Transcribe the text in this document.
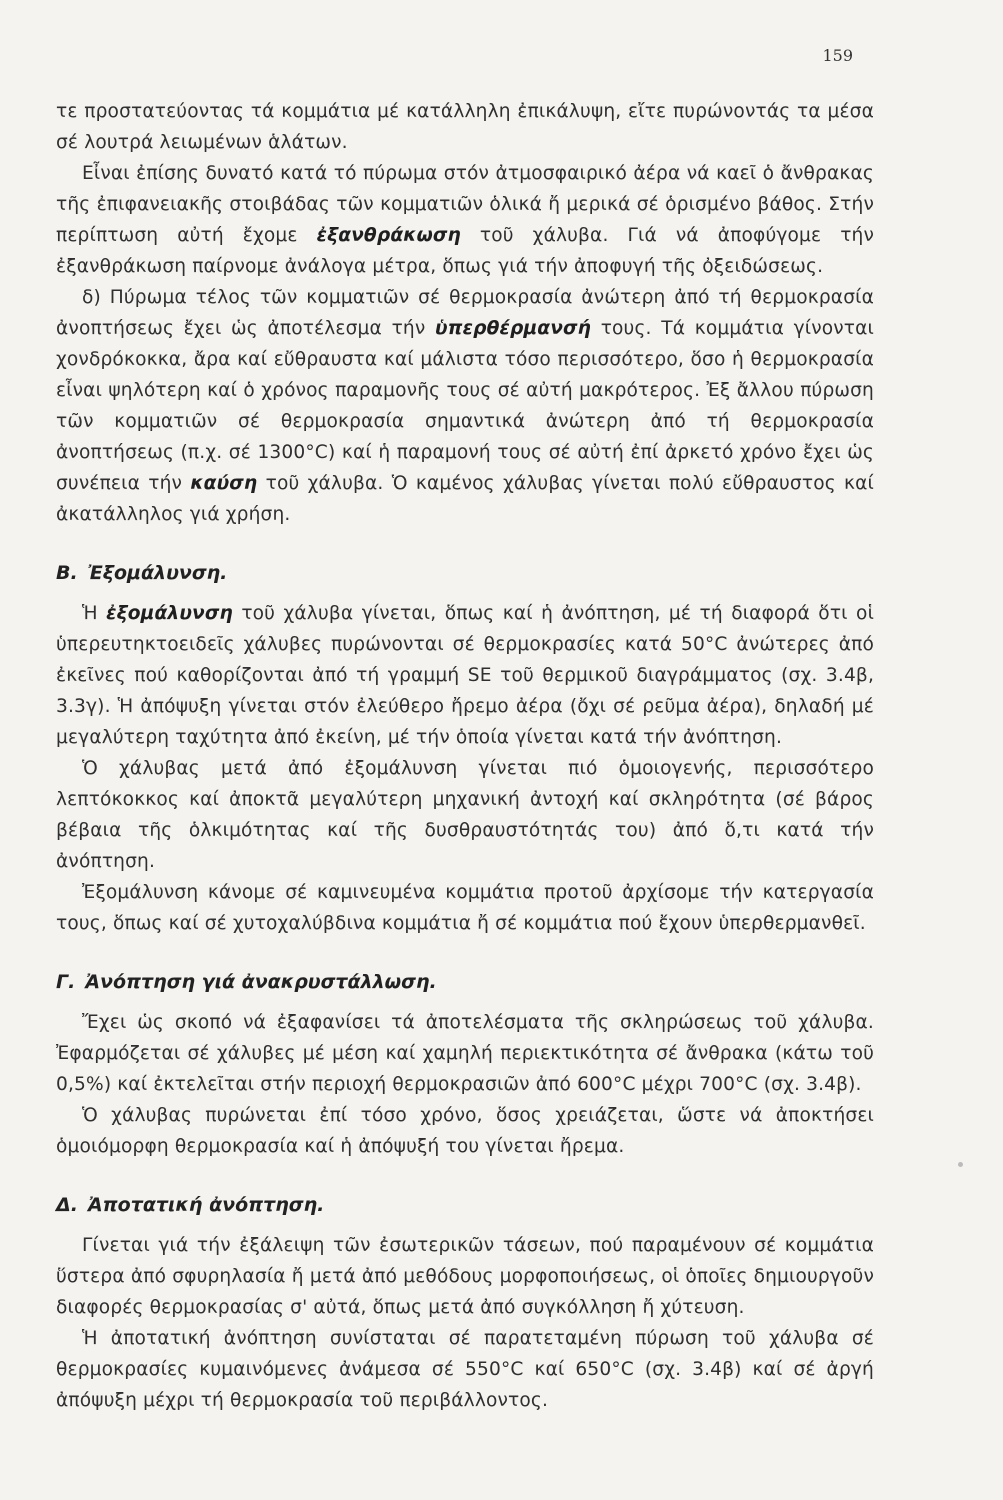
159

τε προστατεύοντας τά κομμάτια μέ κατάλληλη ἐπικάλυψη, εἴτε πυρώνοντάς τα μέσα σέ λουτρά λειωμένων ἁλάτων.

Εἶναι ἐπίσης δυνατό κατά τό πύρωμα στόν ἀτμοσφαιρικό ἀέρα νά καεῖ ὁ ἄνθρακας τῆς ἐπιφανειακῆς στοιβάδας τῶν κομματιῶν ὁλικά ἤ μερικά σέ ὁρισμένο βάθος. Στήν περίπτωση αὐτή ἔχομε ἐξανθράκωση τοῦ χάλυβα. Γιά νά ἀποφύγομε τήν ἐξανθράκωση παίρνομε ἀνάλογα μέτρα, ὅπως γιά τήν ἀποφυγή τῆς ὀξειδώσεως.

δ) Πύρωμα τέλος τῶν κομματιῶν σέ θερμοκρασία ἀνώτερη ἀπό τή θερμοκρασία ἀνοπτήσεως ἔχει ὡς ἀποτέλεσμα τήν ὑπερθέρμανσή τους. Τά κομμάτια γίνονται χονδρόκοκκα, ἄρα καί εὔθραυστα καί μάλιστα τόσο περισσότερο, ὅσο ἡ θερμοκρασία εἶναι ψηλότερη καί ὁ χρόνος παραμονῆς τους σέ αὐτή μακρότερος. Ἐξ ἄλλου πύρωση τῶν κομματιῶν σέ θερμοκρασία σημαντικά ἀνώτερη ἀπό τή θερμοκρασία ἀνοπτήσεως (π.χ. σέ 1300°C) καί ἡ παραμονή τους σέ αὐτή ἐπί ἀρκετό χρόνο ἔχει ὡς συνέπεια τήν καύση τοῦ χάλυβα. Ὁ καμένος χάλυβας γίνεται πολύ εὔθραυστος καί ἀκατάλληλος γιά χρήση.

Β. Ἐξομάλυνση.

Ἡ ἐξομάλυνση τοῦ χάλυβα γίνεται, ὅπως καί ἡ ἀνόπτηση, μέ τή διαφορά ὅτι οἱ ὑπερευτηκτοειδεῖς χάλυβες πυρώνονται σέ θερμοκρασίες κατά 50°C ἀνώτερες ἀπό ἐκεῖνες πού καθορίζονται ἀπό τή γραμμή SE τοῦ θερμικοῦ διαγράμματος (σχ. 3.4β, 3.3γ). Ἡ ἀπόψυξη γίνεται στόν ἐλεύθερο ἤρεμο ἀέρα (ὄχι σέ ρεῦμα ἀέρα), δηλαδή μέ μεγαλύτερη ταχύτητα ἀπό ἐκείνη, μέ τήν ὁποία γίνεται κατά τήν ἀνόπτηση.

Ὁ χάλυβας μετά ἀπό ἐξομάλυνση γίνεται πιό ὁμοιογενής, περισσότερο λεπτόκοκκος καί ἀποκτᾶ μεγαλύτερη μηχανική ἀντοχή καί σκληρότητα (σέ βάρος βέβαια τῆς ὁλκιμότητας καί τῆς δυσθραυστότητάς του) ἀπό ὅ,τι κατά τήν ἀνόπτηση.

Ἐξομάλυνση κάνομε σέ καμινευμένα κομμάτια προτοῦ ἀρχίσομε τήν κατεργασία τους, ὅπως καί σέ χυτοχαλύβδινα κομμάτια ἤ σέ κομμάτια πού ἔχουν ὑπερθερμανθεῖ.

Γ. Ἀνόπτηση γιά ἀνακρυστάλλωση.

Ἔχει ὡς σκοπό νά ἐξαφανίσει τά ἀποτελέσματα τῆς σκληρώσεως τοῦ χάλυβα. Ἐφαρμόζεται σέ χάλυβες μέ μέση καί χαμηλή περιεκτικότητα σέ ἄνθρακα (κάτω τοῦ 0,5%) καί ἐκτελεῖται στήν περιοχή θερμοκρασιῶν ἀπό 600°C μέχρι 700°C (σχ. 3.4β).

Ὁ χάλυβας πυρώνεται ἐπί τόσο χρόνο, ὅσος χρειάζεται, ὥστε νά ἀποκτήσει ὁμοιόμορφη θερμοκρασία καί ἡ ἀπόψυξή του γίνεται ἤρεμα.

Δ. Ἀποτατική ἀνόπτηση.

Γίνεται γιά τήν ἐξάλειψη τῶν ἐσωτερικῶν τάσεων, πού παραμένουν σέ κομμάτια ὕστερα ἀπό σφυρηλασία ἤ μετά ἀπό μεθόδους μορφοποιήσεως, οἱ ὁποῖες δημιουργοῦν διαφορές θερμοκρασίας σ' αὐτά, ὅπως μετά ἀπό συγκόλληση ἤ χύτευση.

Ἡ ἀποτατική ἀνόπτηση συνίσταται σέ παρατεταμένη πύρωση τοῦ χάλυβα σέ θερμοκρασίες κυμαινόμενες ἀνάμεσα σέ 550°C καί 650°C (σχ. 3.4β) καί σέ ἀργή ἀπόψυξη μέχρι τή θερμοκρασία τοῦ περιβάλλοντος.
